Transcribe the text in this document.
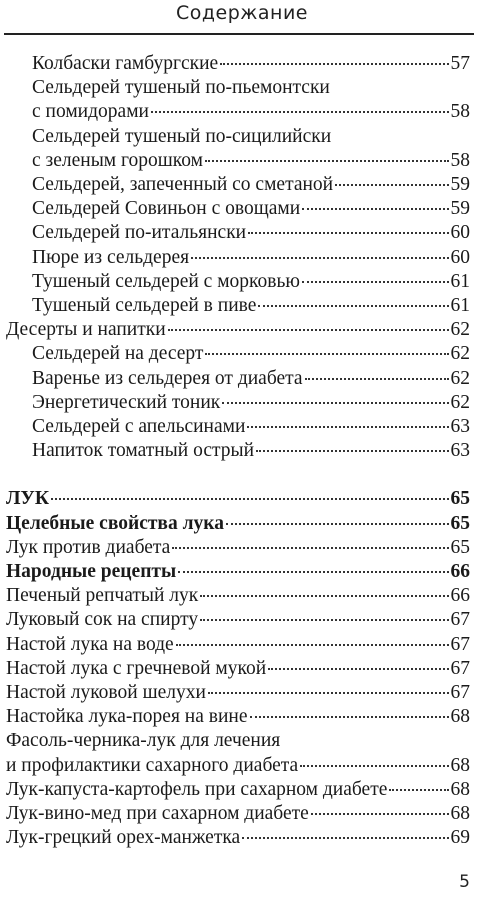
Содержание
Колбаски гамбургские	57
Сельдерей тушеный по-пьемонтски
с помидорами	58
Сельдерей тушеный по-сицилийски
с зеленым горошком	58
Сельдерей, запеченный со сметаной	59
Сельдерей Совиньон с овощами	59
Сельдерей по-итальянски	60
Пюре из сельдерея	60
Тушеный сельдерей с морковью	61
Тушеный сельдерей в пиве	61
Десерты и напитки	62
Сельдерей на десерт	62
Варенье из сельдерея от диабета	62
Энергетический тоник	62
Сельдерей с апельсинами	63
Напиток томатный острый	63
ЛУК	65
Целебные свойства лука	65
Лук против диабета	65
Народные рецепты	66
Печеный репчатый лук	66
Луковый сок на спирту	67
Настой лука на воде	67
Настой лука с гречневой мукой	67
Настой луковой шелухи	67
Настойка лука-порея на вине	68
Фасоль-черника-лук для лечения
и профилактики сахарного диабета	68
Лук-капуста-картофель при сахарном диабете	68
Лук-вино-мед при сахарном диабете	68
Лук-грецкий орех-манжетка	69
5
